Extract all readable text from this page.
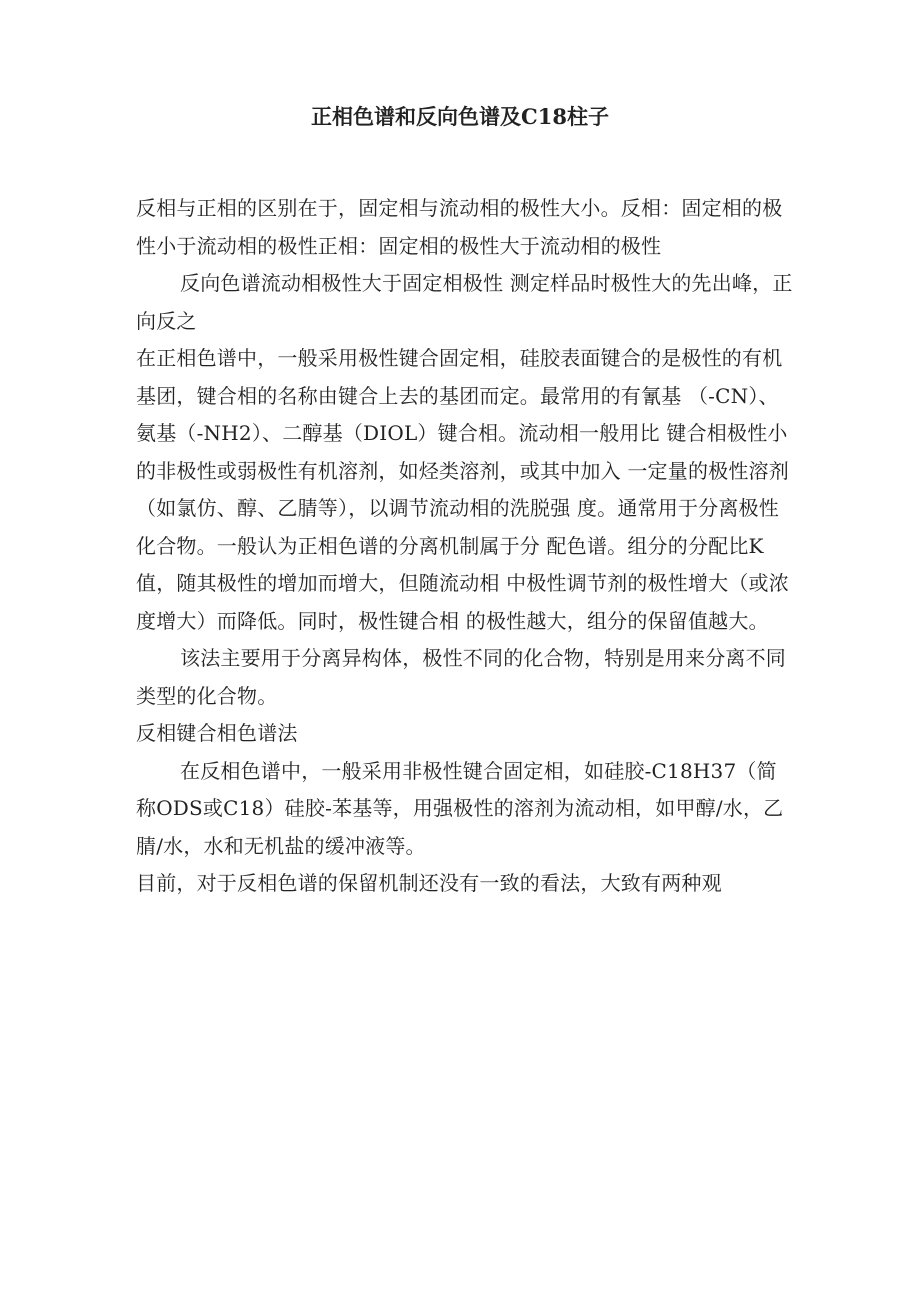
正相色谱和反向色谱及C18柱子

反相与正相的区别在于，固定相与流动相的极性大小。反相：固定相的极性小于流动相的极性正相：固定相的极性大于流动相的极性

反向色谱流动相极性大于固定相极性 测定样品时极性大的先出峰，正向反之

在正相色谱中，一般采用极性键合固定相，硅胶表面键合的是极性的有机基团，键合相的名称由键合上去的基团而定。最常用的有氰基 （-CN）、氨基（-NH2）、二醇基（DIOL）键合相。流动相一般用比 键合相极性小的非极性或弱极性有机溶剂，如烃类溶剂，或其中加入 一定量的极性溶剂（如氯仿、醇、乙腈等），以调节流动相的洗脱强 度。通常用于分离极性化合物。一般认为正相色谱的分离机制属于分 配色谱。组分的分配比K值，随其极性的增加而增大，但随流动相 中极性调节剂的极性增大（或浓度增大）而降低。同时，极性键合相 的极性越大，组分的保留值越大。

该法主要用于分离异构体，极性不同的化合物，特别是用来分离不同类型的化合物。

反相键合相色谱法

在反相色谱中，一般采用非极性键合固定相，如硅胶-C18H37（简 称ODS或C18）硅胶-苯基等，用强极性的溶剂为流动相，如甲醇/水，乙腈/水，水和无机盐的缓冲液等。

目前，对于反相色谱的保留机制还没有一致的看法，大致有两种观
